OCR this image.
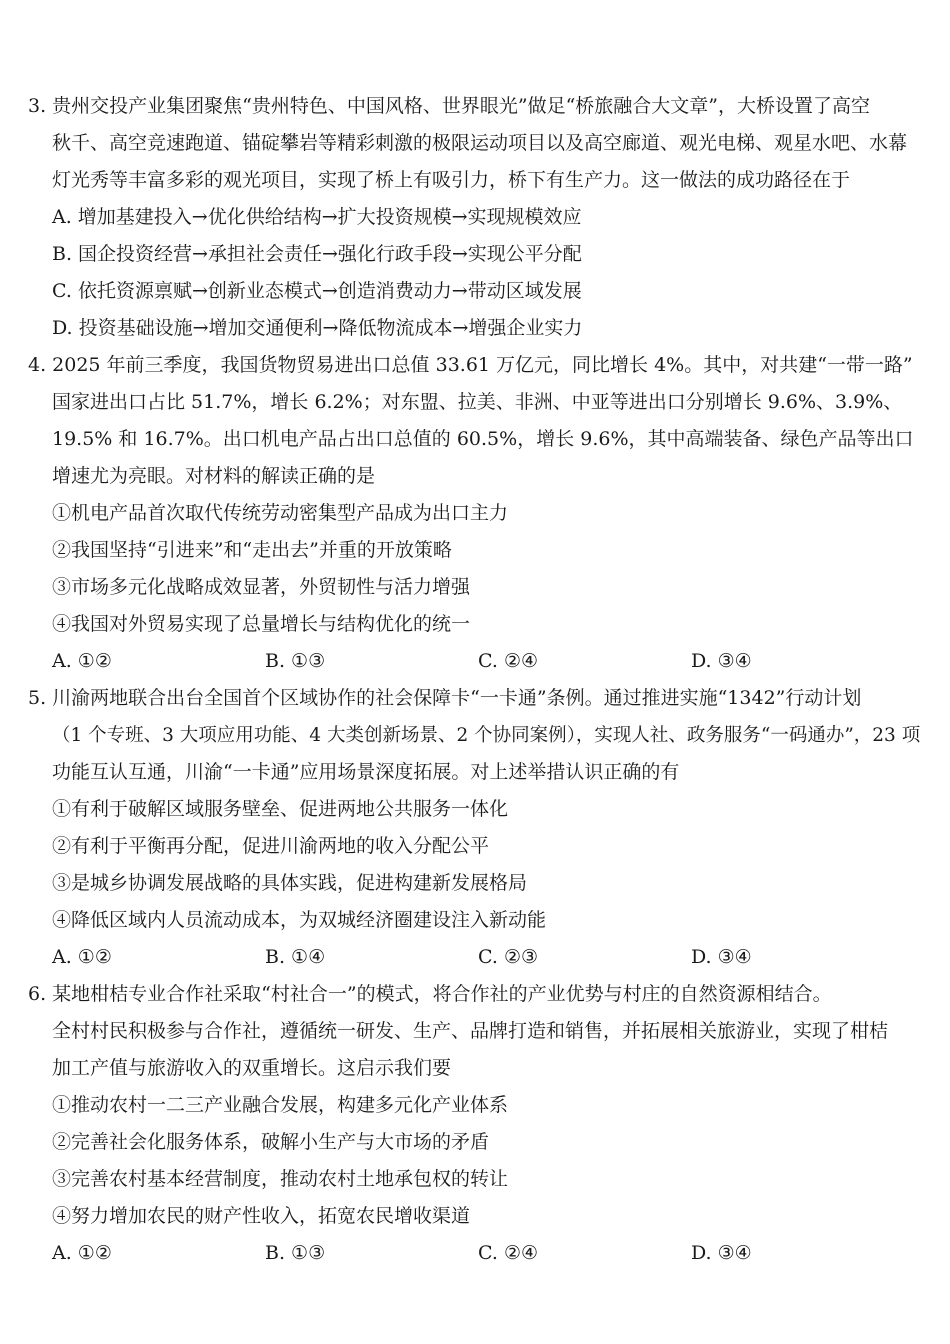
3. 贵州交投产业集团聚焦“贵州特色、中国风格、世界眼光”做足“桥旅融合大文章”，大桥设置了高空
秋千、高空竞速跑道、锚碇攀岩等精彩刺激的极限运动项目以及高空廊道、观光电梯、观星水吧、水幕
灯光秀等丰富多彩的观光项目，实现了桥上有吸引力，桥下有生产力。这一做法的成功路径在于
A. 增加基建投入→优化供给结构→扩大投资规模→实现规模效应
B. 国企投资经营→承担社会责任→强化行政手段→实现公平分配
C. 依托资源禀赋→创新业态模式→创造消费动力→带动区域发展
D. 投资基础设施→增加交通便利→降低物流成本→增强企业实力
4. 2025 年前三季度，我国货物贸易进出口总值 33.61 万亿元，同比增长 4%。其中，对共建“一带一路”
国家进出口占比 51.7%，增长 6.2%；对东盟、拉美、非洲、中亚等进出口分别增长 9.6%、3.9%、
19.5% 和 16.7%。出口机电产品占出口总值的 60.5%，增长 9.6%，其中高端装备、绿色产品等出口
增速尤为亮眼。对材料的解读正确的是
①机电产品首次取代传统劳动密集型产品成为出口主力
②我国坚持“引进来”和“走出去”并重的开放策略
③市场多元化战略成效显著，外贸韧性与活力增强
④我国对外贸易实现了总量增长与结构优化的统一
A. ①②	B. ①③	C. ②④	D. ③④
5. 川渝两地联合出台全国首个区域协作的社会保障卡“一卡通”条例。通过推进实施“1342”行动计划
（1 个专班、3 大项应用功能、4 大类创新场景、2 个协同案例），实现人社、政务服务“一码通办”，23 项
功能互认互通，川渝“一卡通”应用场景深度拓展。对上述举措认识正确的有
①有利于破解区域服务壁垒、促进两地公共服务一体化
②有利于平衡再分配，促进川渝两地的收入分配公平
③是城乡协调发展战略的具体实践，促进构建新发展格局
④降低区域内人员流动成本，为双城经济圈建设注入新动能
A. ①②	B. ①④	C. ②③	D. ③④
6. 某地柑桔专业合作社采取“村社合一”的模式，将合作社的产业优势与村庄的自然资源相结合。
全村村民积极参与合作社，遵循统一研发、生产、品牌打造和销售，并拓展相关旅游业，实现了柑桔
加工产值与旅游收入的双重增长。这启示我们要
①推动农村一二三产业融合发展，构建多元化产业体系
②完善社会化服务体系，破解小生产与大市场的矛盾
③完善农村基本经营制度，推动农村土地承包权的转让
④努力增加农民的财产性收入，拓宽农民增收渠道
A. ①②	B. ①③	C. ②④	D. ③④
